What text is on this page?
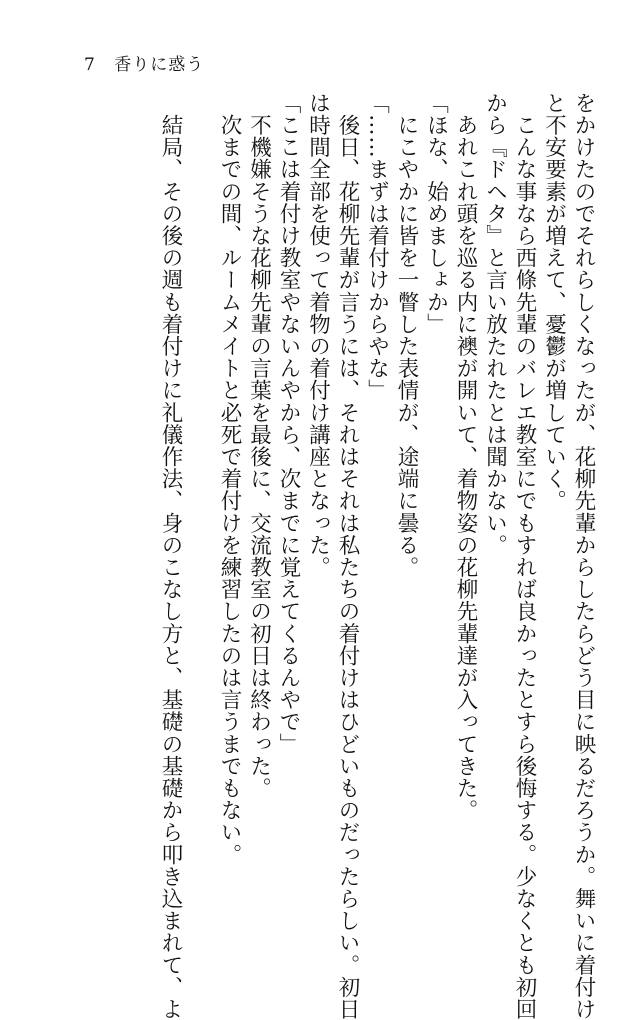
7 香りに惑う
をかけたのでそれらしくなったが、花柳先輩からしたらどう目に映るだろうか。舞いに着付け
と不安要素が増えて、憂鬱が増していく。
　こんな事なら西條先輩のバレエ教室にでもすれば良かったとすら後悔する。少なくとも初回
から『ドヘタ』と言い放たれたとは聞かない。
　あれこれ頭を巡る内に襖が開いて、着物姿の花柳先輩達が入ってきた。
「ほな、始めましょか」
　にこやかに皆を一瞥した表情が、途端に曇る。
「……まずは着付けからやな」
　後日、花柳先輩が言うには、それはそれは私たちの着付けはひどいものだったらしい。初日
は時間全部を使って着物の着付け講座となった。
「ここは着付け教室やないんやから、次までに覚えてくるんやで」
　不機嫌そうな花柳先輩の言葉を最後に、交流教室の初日は終わった。
　次までの間、ルームメイトと必死で着付けを練習したのは言うまでもない。

　結局、その後の週も着付けに礼儀作法、身のこなし方と、基礎の基礎から叩き込まれて、よ
